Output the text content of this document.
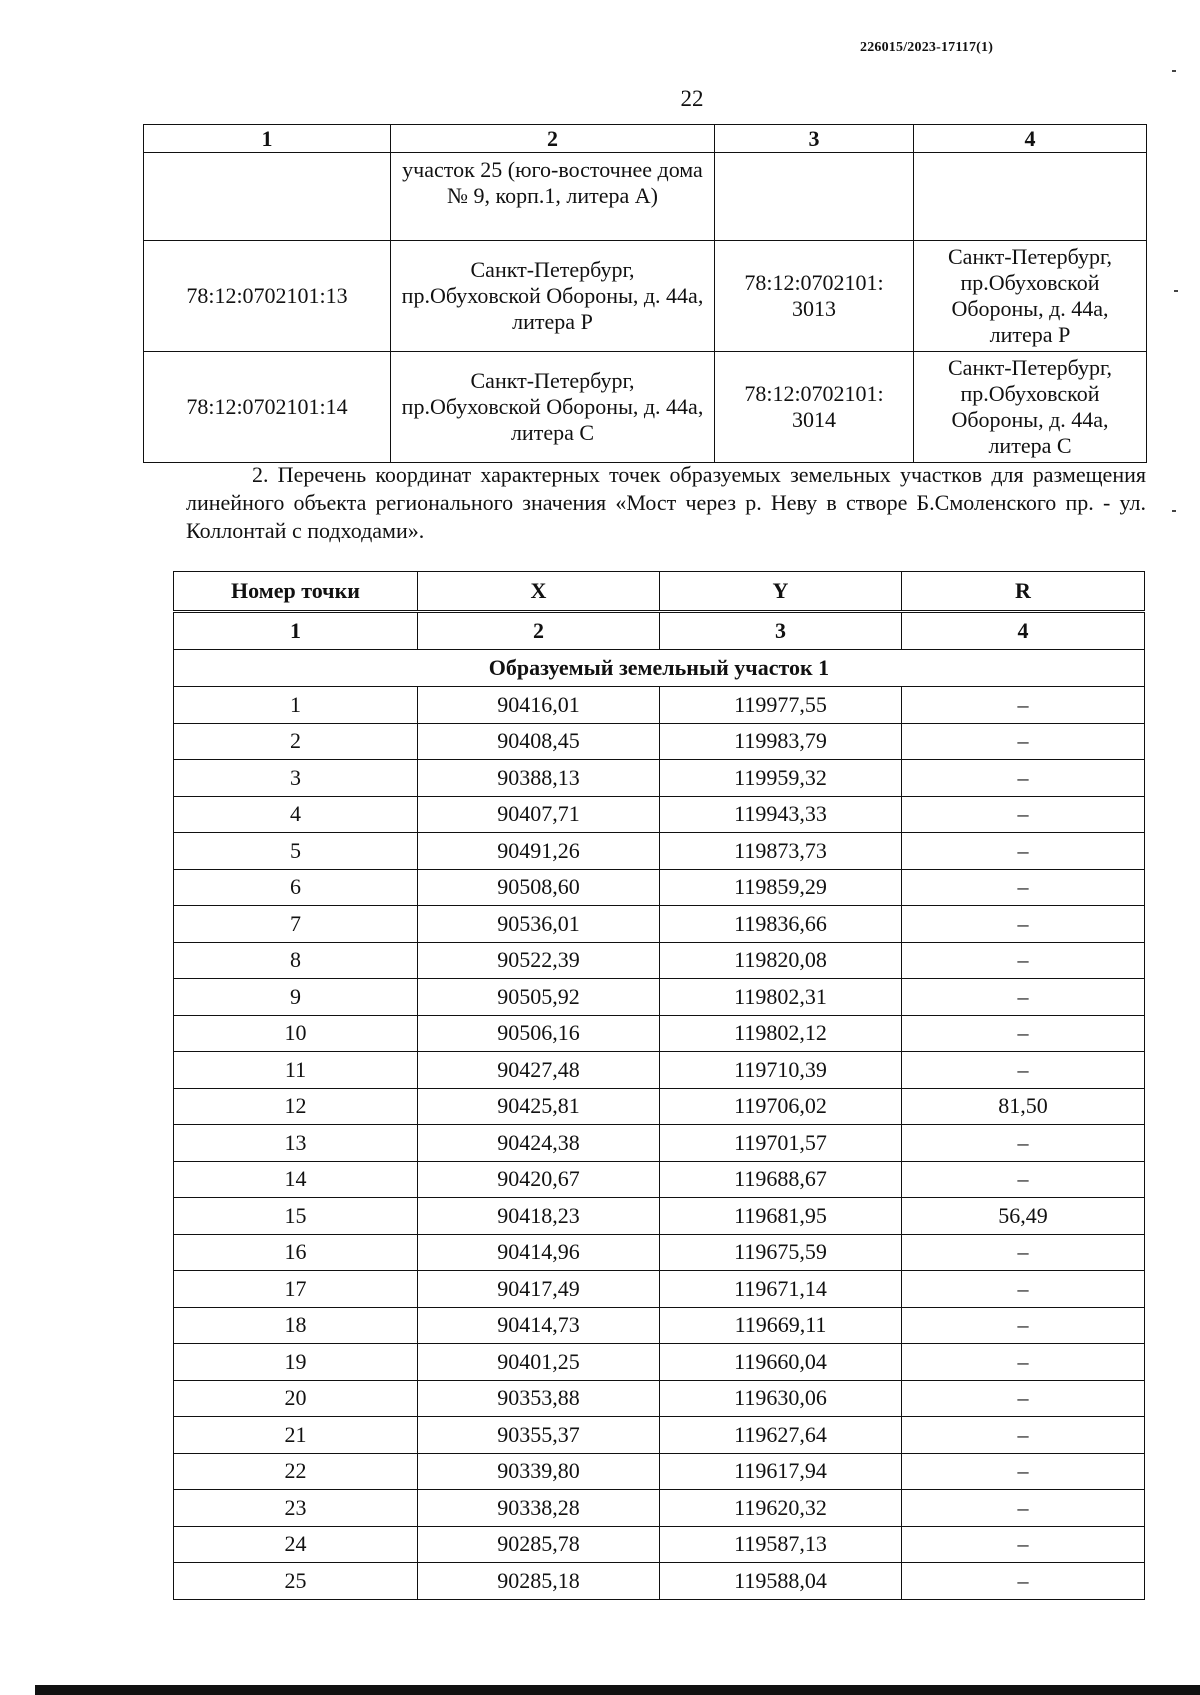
226015/2023-17117(1)
22
1	2	3	4
	участок 25 (юго-восточнее дома № 9, корп.1, литера А)		
78:12:0702101:13	Санкт-Петербург, пр.Обуховской Обороны, д. 44а, литера Р	78:12:0702101: 3013	Санкт-Петербург, пр.Обуховской Обороны, д. 44а, литера Р
78:12:0702101:14	Санкт-Петербург, пр.Обуховской Обороны, д. 44а, литера С	78:12:0702101: 3014	Санкт-Петербург, пр.Обуховской Обороны, д. 44а, литера С

2. Перечень координат характерных точек образуемых земельных участков для размещения линейного объекта регионального значения «Мост через р. Неву в створе Б.Смоленского пр. - ул. Коллонтай с подходами».

Номер точки	X	Y	R
1	2	3	4
Образуемый земельный участок 1			
1	90416,01	119977,55	–
2	90408,45	119983,79	–
3	90388,13	119959,32	–
4	90407,71	119943,33	–
5	90491,26	119873,73	–
6	90508,60	119859,29	–
7	90536,01	119836,66	–
8	90522,39	119820,08	–
9	90505,92	119802,31	–
10	90506,16	119802,12	–
11	90427,48	119710,39	–
12	90425,81	119706,02	81,50
13	90424,38	119701,57	–
14	90420,67	119688,67	–
15	90418,23	119681,95	56,49
16	90414,96	119675,59	–
17	90417,49	119671,14	–
18	90414,73	119669,11	–
19	90401,25	119660,04	–
20	90353,88	119630,06	–
21	90355,37	119627,64	–
22	90339,80	119617,94	–
23	90338,28	119620,32	–
24	90285,78	119587,13	–
25	90285,18	119588,04	–
